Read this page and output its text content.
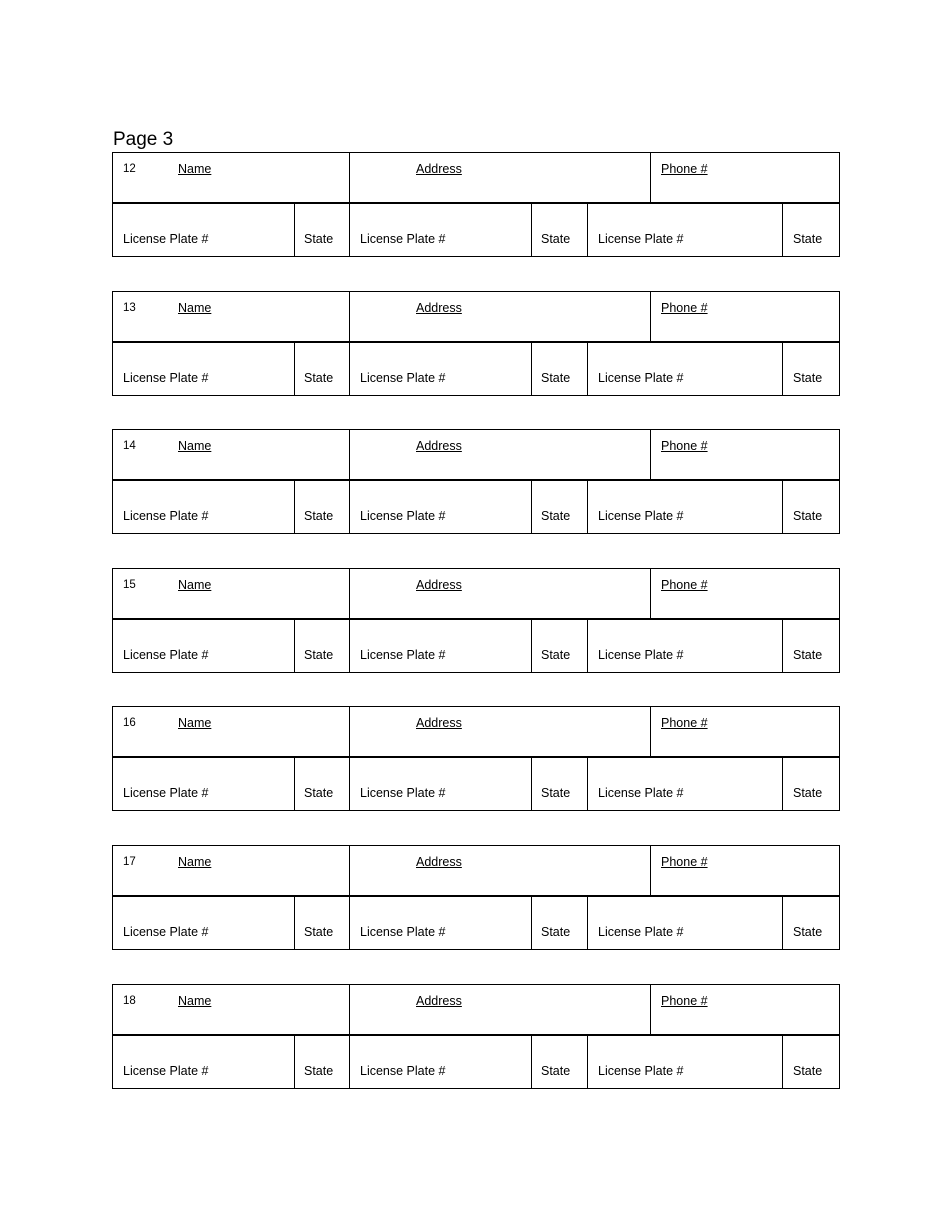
Page 3
12	Name	Address	Phone #
License Plate #	State License Plate #	State License Plate #	State
13	Name	Address	Phone #
License Plate #	State License Plate #	State License Plate #	State
14	Name	Address	Phone #
License Plate #	State License Plate #	State License Plate #	State
15	Name	Address	Phone #
License Plate #	State License Plate #	State License Plate #	State
16	Name	Address	Phone #
License Plate #	State License Plate #	State License Plate #	State
17	Name	Address	Phone #
License Plate #	State License Plate #	State License Plate #	State
18	Name	Address	Phone #
License Plate #	State License Plate #	State License Plate #	State
